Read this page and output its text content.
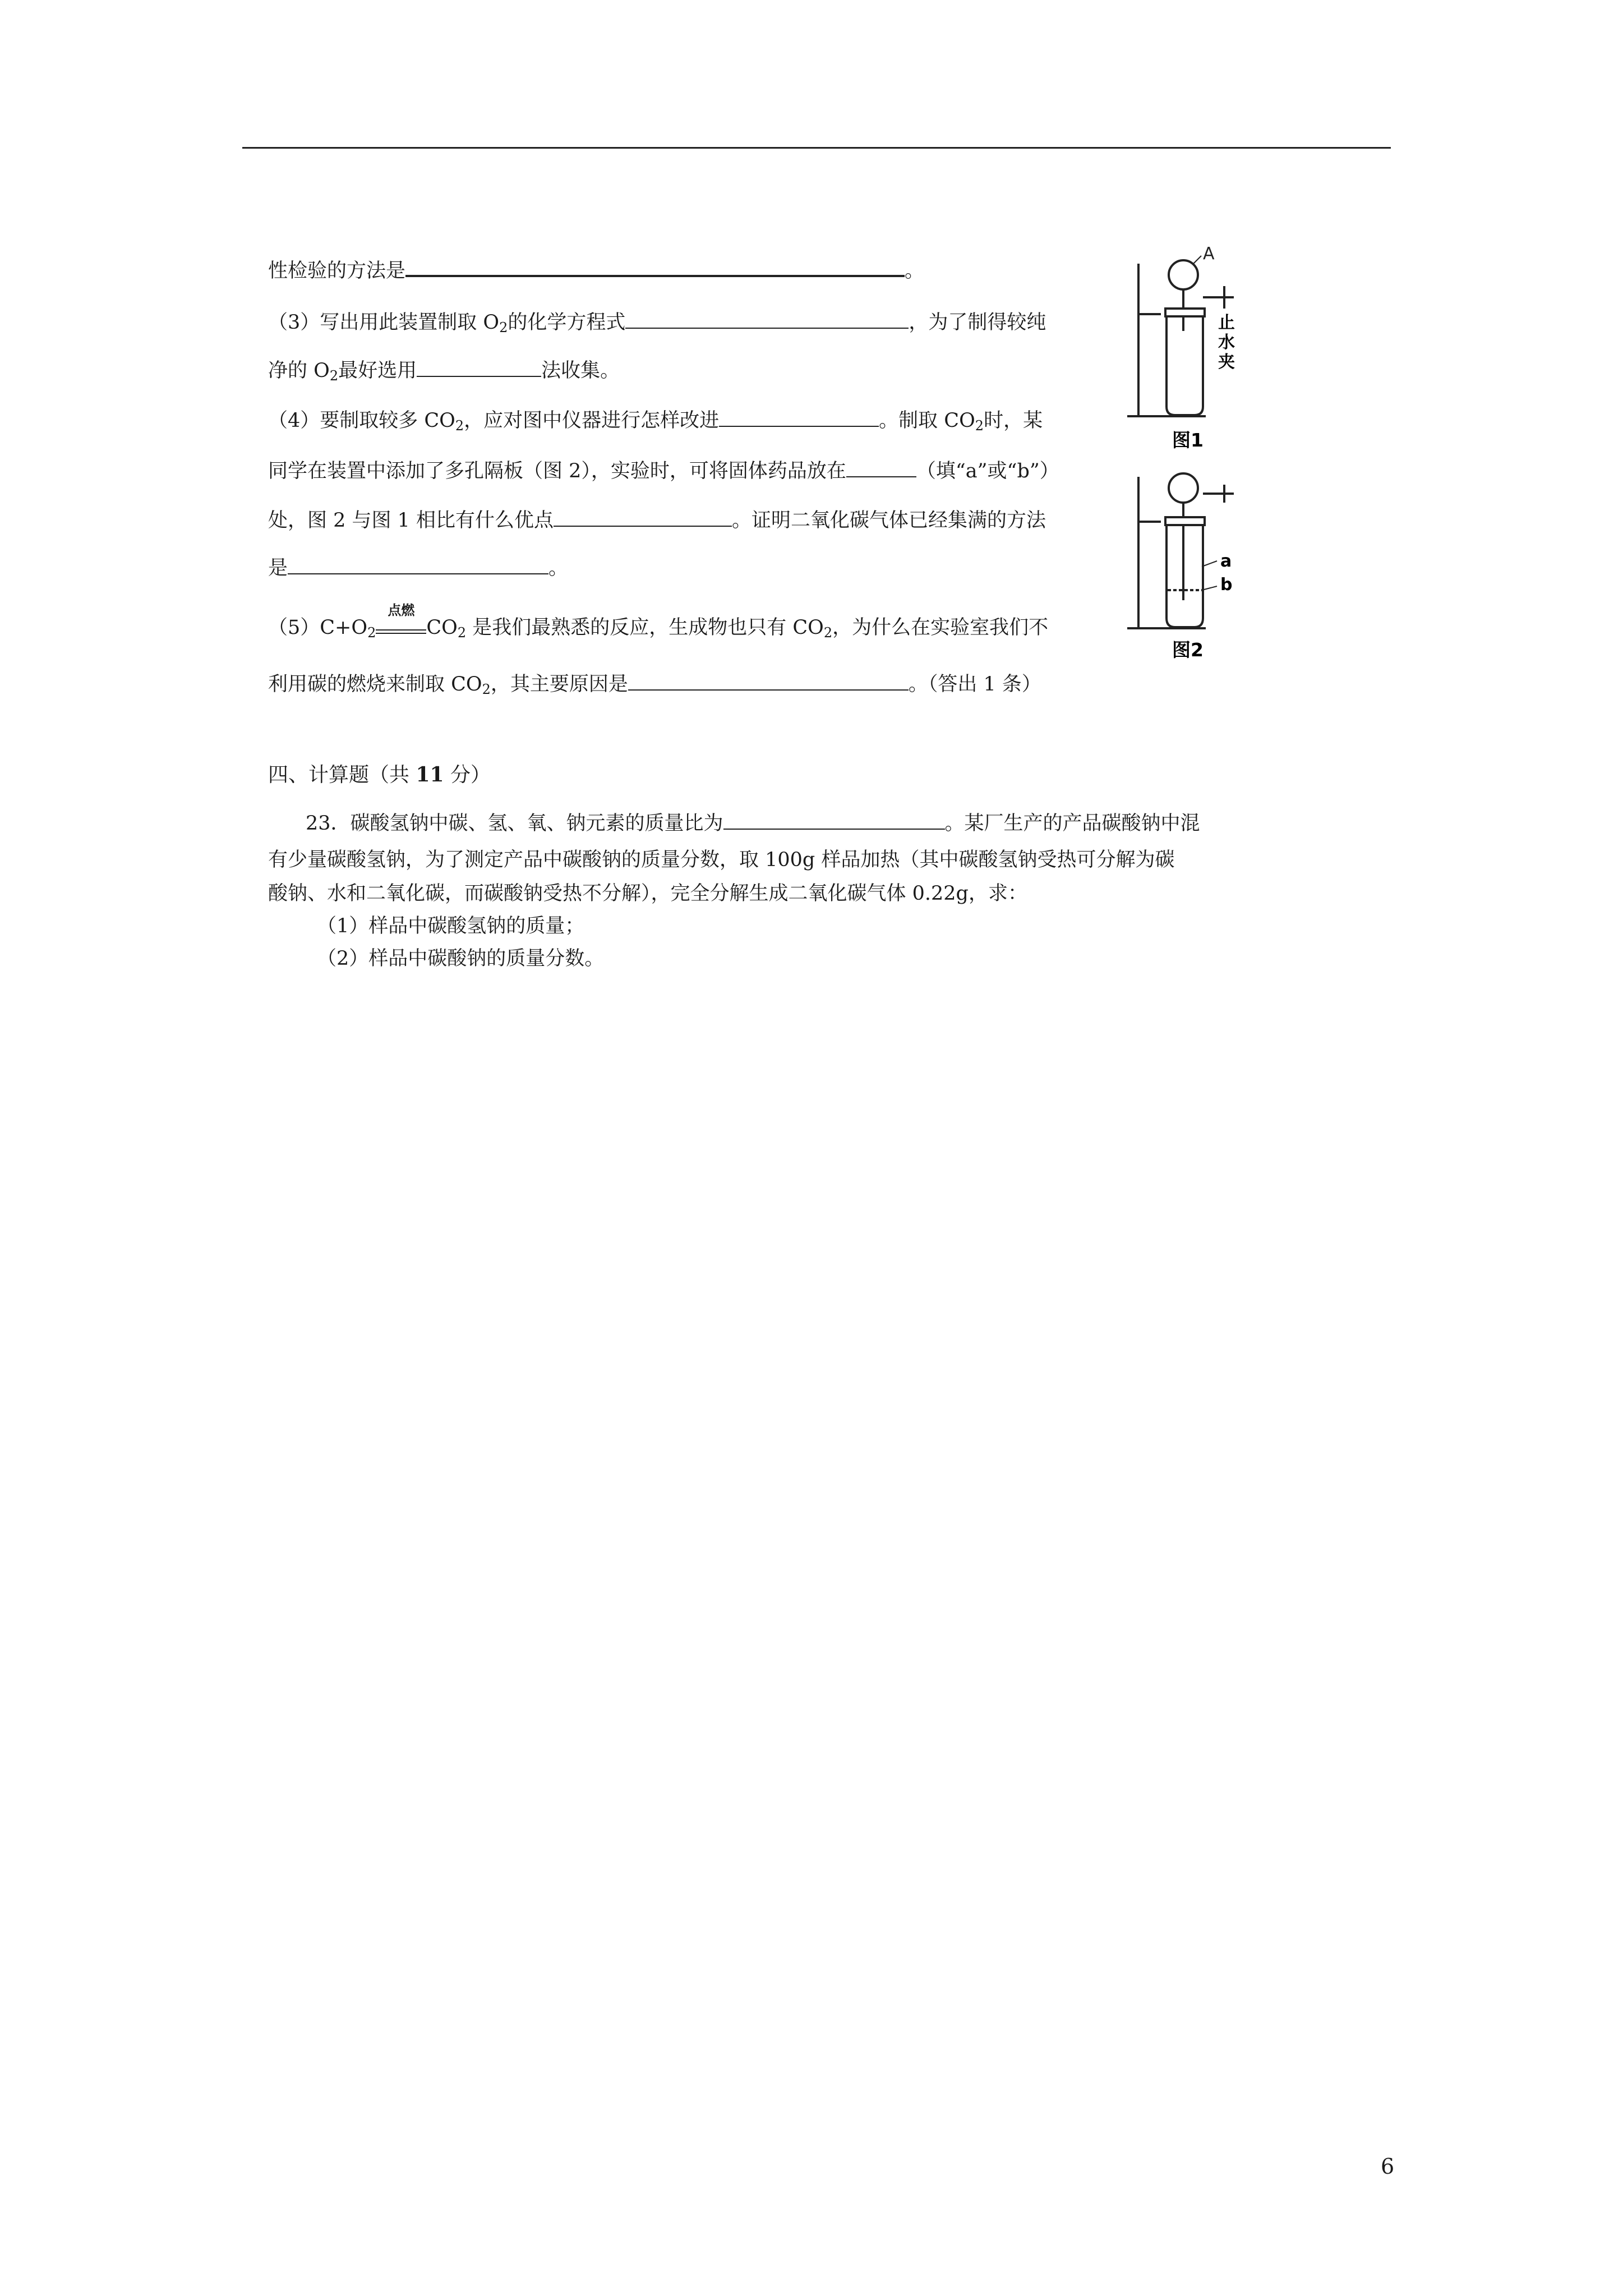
性检验的方法是	。
（3）写出用此装置制取 $O_2$的化学方程式	，为了制得较纯
净的 $O_2$最好选用	法收集。
（4）要制取较多 $CO_2$，应对图中仪器进行怎样改进	。制取 $CO_2$时，某
同学在装置中添加了多孔隔板（图 2），实验时，可将固体药品放在	（填“a”或“b”）
处，图 2 与图 1 相比有什么优点	。证明二氧化碳气体已经集满的方法
是	。
$(5)C+O_2$
点燃
$CO_2$ 是我们最熟悉的反应，生成物也只有 $CO_2$，为什么在实验室我们不
利用碳的燃烧来制取 $CO_2$，其主要原因是	。（答出 1 条）
A
止
水
夹
图1
a
b
图2
四、计算题（共 11 分）
23．碳酸氢钠中碳、氢、氧、钠元素的质量比为	。某厂生产的产品碳酸钠中混
有少量碳酸氢钠，为了测定产品中碳酸钠的质量分数，取 100g 样品加热（其中碳酸氢钠受热可分解为碳
酸钠、水和二氧化碳，而碳酸钠受热不分解），完全分解生成二氧化碳气体 0.22g，求：
（1）样品中碳酸氢钠的质量；
（2）样品中碳酸钠的质量分数。
6
